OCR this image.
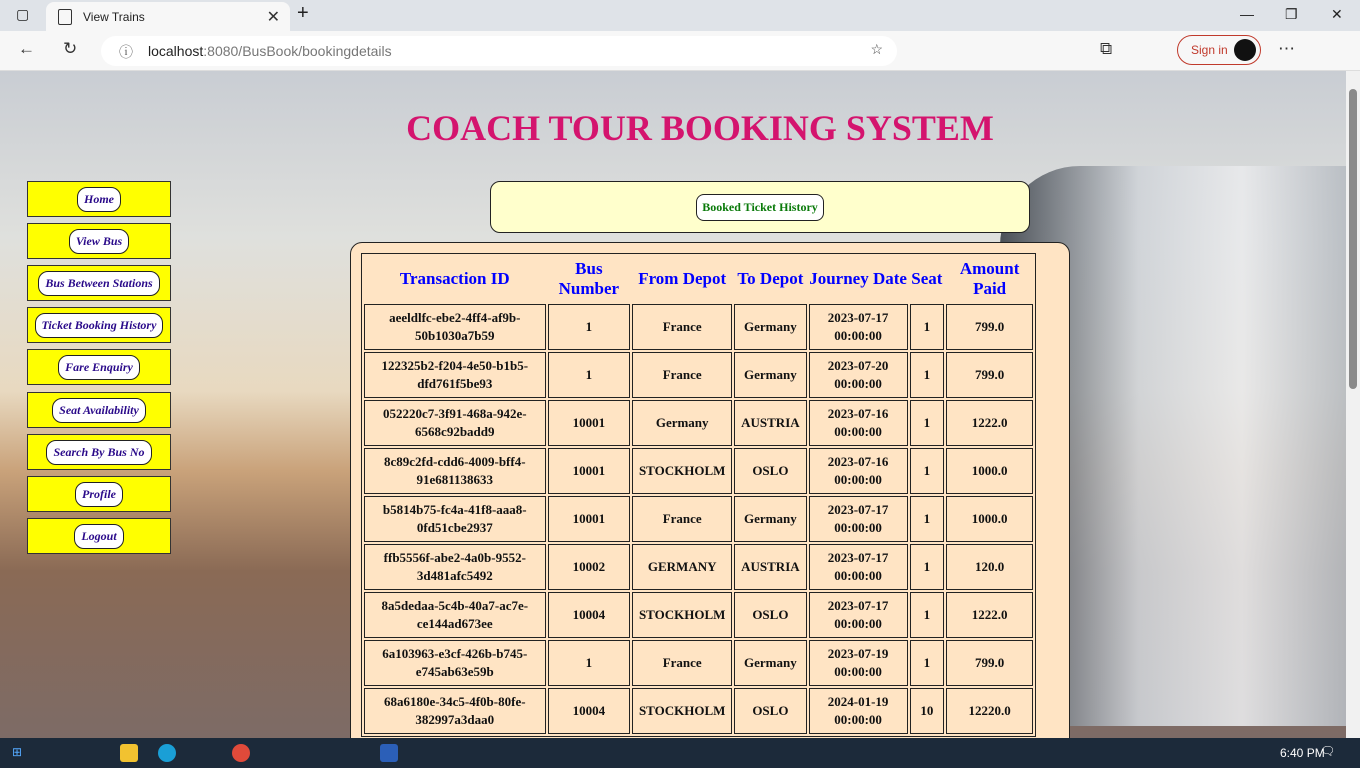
▢	View Trains	✕ +	— ❐ ✕
← ↻	ⓘ localhost:8080/BusBook/bookingdetails	☆	⧉	Sign in	⋯
COACH TOUR BOOKING SYSTEM
Home
View Bus
Bus Between Stations
Ticket Booking History
Fare Enquiry
Seat Availability
Search By Bus No
Profile
Logout
Booked Ticket History
Transaction ID	Bus Number	From Depot	To Depot	Journey Date	Seat	Amount Paid
aeeldlfc-ebe2-4ff4-af9b-50b1030a7b59	1	France	Germany	2023-07-17 00:00:00	1	799.0
122325b2-f204-4e50-b1b5-dfd761f5be93	1	France	Germany	2023-07-20 00:00:00	1	799.0
052220c7-3f91-468a-942e-6568c92badd9	10001	Germany	AUSTRIA	2023-07-16 00:00:00	1	1222.0
8c89c2fd-cdd6-4009-bff4-91e681138633	10001	STOCKHOLM	OSLO	2023-07-16 00:00:00	1	1000.0
b5814b75-fc4a-41f8-aaa8-0fd51cbe2937	10001	France	Germany	2023-07-17 00:00:00	1	1000.0
ffb5556f-abe2-4a0b-9552-3d481afc5492	10002	GERMANY	AUSTRIA	2023-07-17 00:00:00	1	120.0
8a5dedaa-5c4b-40a7-ac7e-ce144ad673ee	10004	STOCKHOLM	OSLO	2023-07-17 00:00:00	1	1222.0
6a103963-e3cf-426b-b745-e745ab63e59b	1	France	Germany	2023-07-19 00:00:00	1	799.0
68a6180e-34c5-4f0b-80fe-382997a3daa0	10004	STOCKHOLM	OSLO	2024-01-19 00:00:00	10	12220.0
⊞	6:40 PM
🗨
